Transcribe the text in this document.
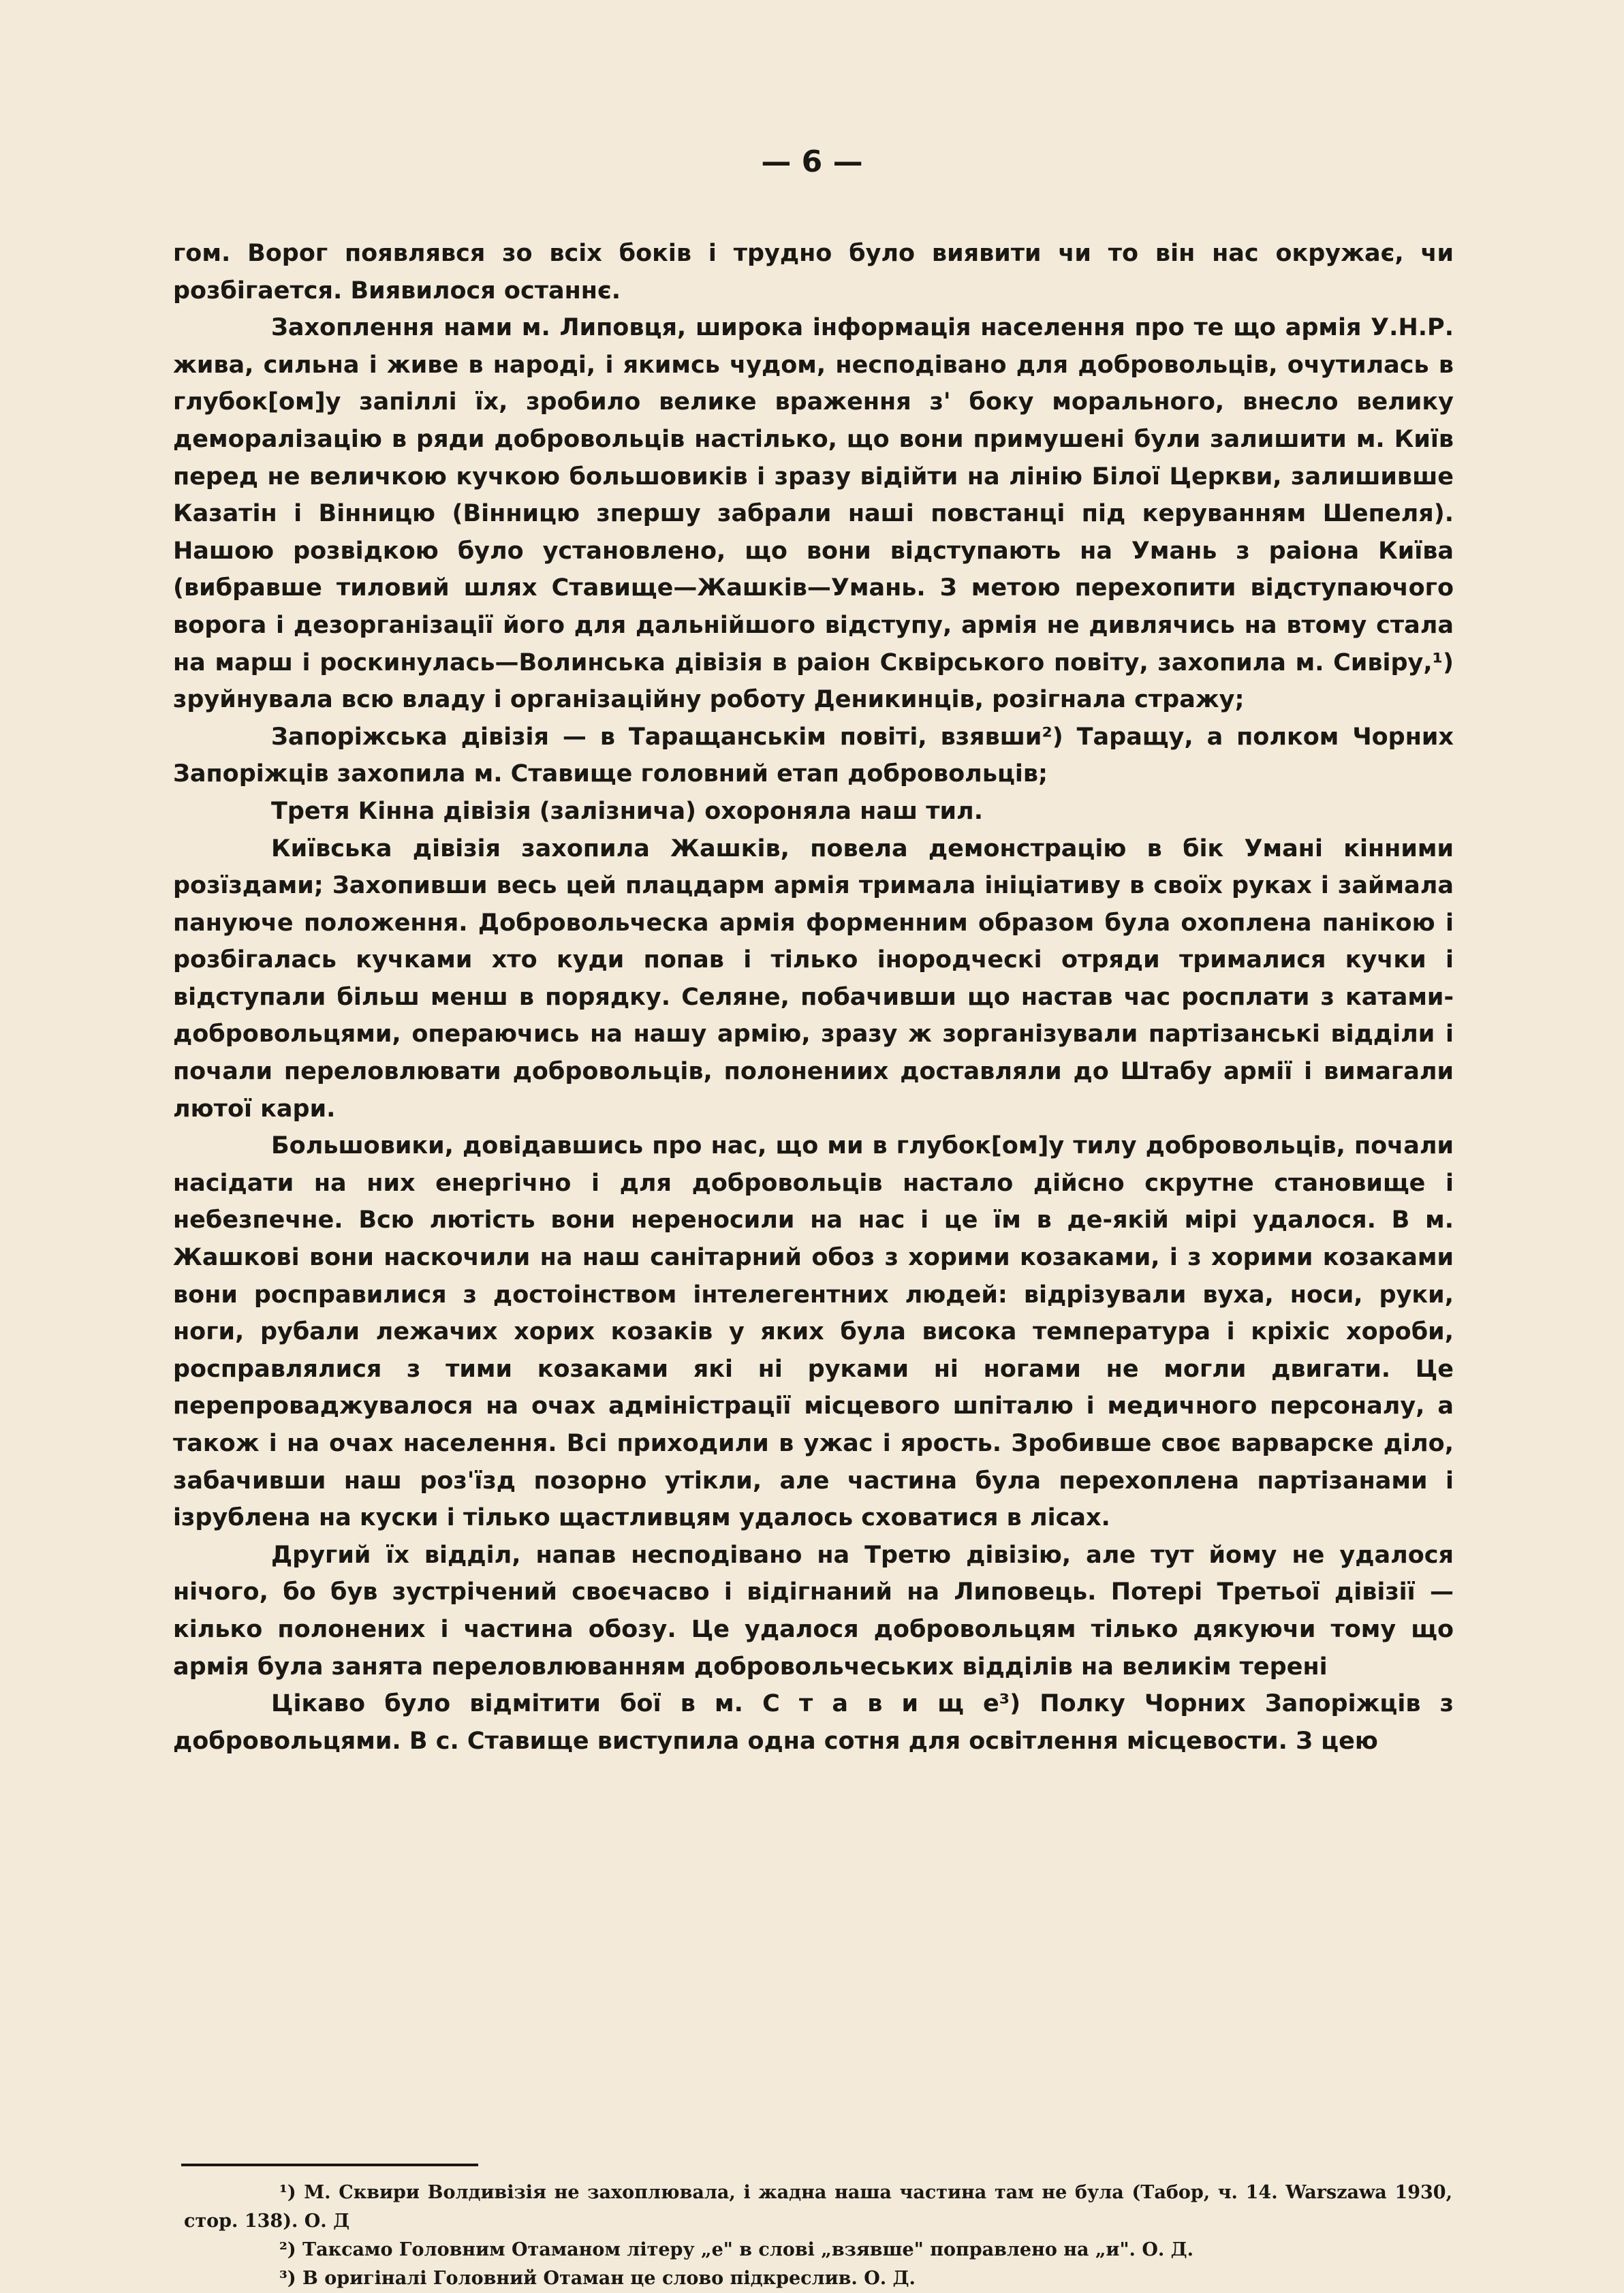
— 6 —

гом. Ворог появлявся зо всіх боків і трудно було виявити чи то він нас окружає, чи розбігается. Виявилося останнє.

Захоплення нами м. Липовця, широка інформація населення про те що армія У.Н.Р. жива, сильна і живе в народі, і якимсь чудом, несподівано для добровольців, очутилась в глубок[ом]у запіллі їх, зробило велике враження з' боку морального, внесло велику деморалізацію в ряди добровольців настілько, що вони примушені були залишити м. Київ перед не величкою кучкою большовиків і зразу відійти на лінію Білої Церкви, залишивше Казатін і Вінницю (Вінницю зпершу забрали наші повстанці під керуванням Шепеля). Нашою розвідкою було установлено, що вони відступають на Умань з раіона Київа (вибравше тиловий шлях Ставище—Жашків—Умань. З метою перехопити відступаючого ворога і дезорганізації його для дальнійшого відступу, армія не дивлячись на втому стала на марш і роскинулась—Волинська дівізія в раіон Сквірського повіту, захопила м. Сивіру,¹) зруйнувала всю владу і організаційну роботу Деникинців, розігнала стражу;

Запоріжська дівізія — в Таращанськім повіті, взявши²) Таращу, а полком Чорних Запоріжців захопила м. Ставище головний етап добровольців;

Третя Кінна дівізія (залізнича) охороняла наш тил.

Київська дівізія захопила Жашків, повела демонстрацію в бік Умані кінними розїздами; Захопивши весь цей плацдарм армія тримала ініціативу в своїх руках і займала пануюче положення. Добровольческа армія форменним образом була охоплена панікою і розбігалась кучками хто куди попав і тілько інородческі отряди трималися кучки і відступали більш менш в порядку. Селяне, побачивши що настав час росплати з катами-добровольцями, операючись на нашу армію, зразу ж зорганізували партізанські відділи і почали переловлювати добровольців, полонениих доставляли до Штабу армії і вимагали лютої кари.

Большовики, довідавшись про нас, що ми в глубок[ом]у тилу добровольців, почали насідати на них енергічно і для добровольців настало дійсно скрутне становище і небезпечне. Всю лютість вони нереносили на нас і це їм в де-якій мірі удалося. В м. Жашкові вони наскочили на наш санітарний обоз з хорими козаками, і з хорими козаками вони росправилися з достоінством інтелегентних людей: відрізували вуха, носи, руки, ноги, рубали лежачих хорих козаків у яких була висока температура і кріхіс хороби, росправлялися з тими козаками які ні руками ні ногами не могли двигати. Це перепроваджувалося на очах адміністрації місцевого шпіталю і медичного персоналу, а також і на очах населення. Всі приходили в ужас і ярость. Зробивше своє варварске діло, забачивши наш роз'їзд позорно утікли, але частина була перехоплена партізанами і ізрублена на куски і тілько щастливцям удалось сховатися в лісах.

Другий їх відділ, напав несподівано на Третю дівізію, але тут йому не удалося нічого, бо був зустрічений своєчасво і відігнаний на Липовець. Потері Третьої дівізії — кілько полонених і частина обозу. Це удалося добровольцям тілько дякуючи тому що армія була занята переловлюванням добровольчеських відділів на великім терені

Цікаво було відмітити бої в м. С т а в и щ е³) Полку Чорних Запоріжців з добровольцями. В с. Ставище виступила одна сотня для освітлення місцевости. З цею

¹) М. Сквири Волдивізія не захоплювала, і жадна наша частина там не була (Табор, ч. 14. Warszawa 1930, стор. 138). О. Д

²) Таксамо Головним Отаманом літеру „е" в слові „взявше" поправлено на „и". О. Д.

³) В оригіналі Головний Отаман це слово підкреслив. О. Д.
